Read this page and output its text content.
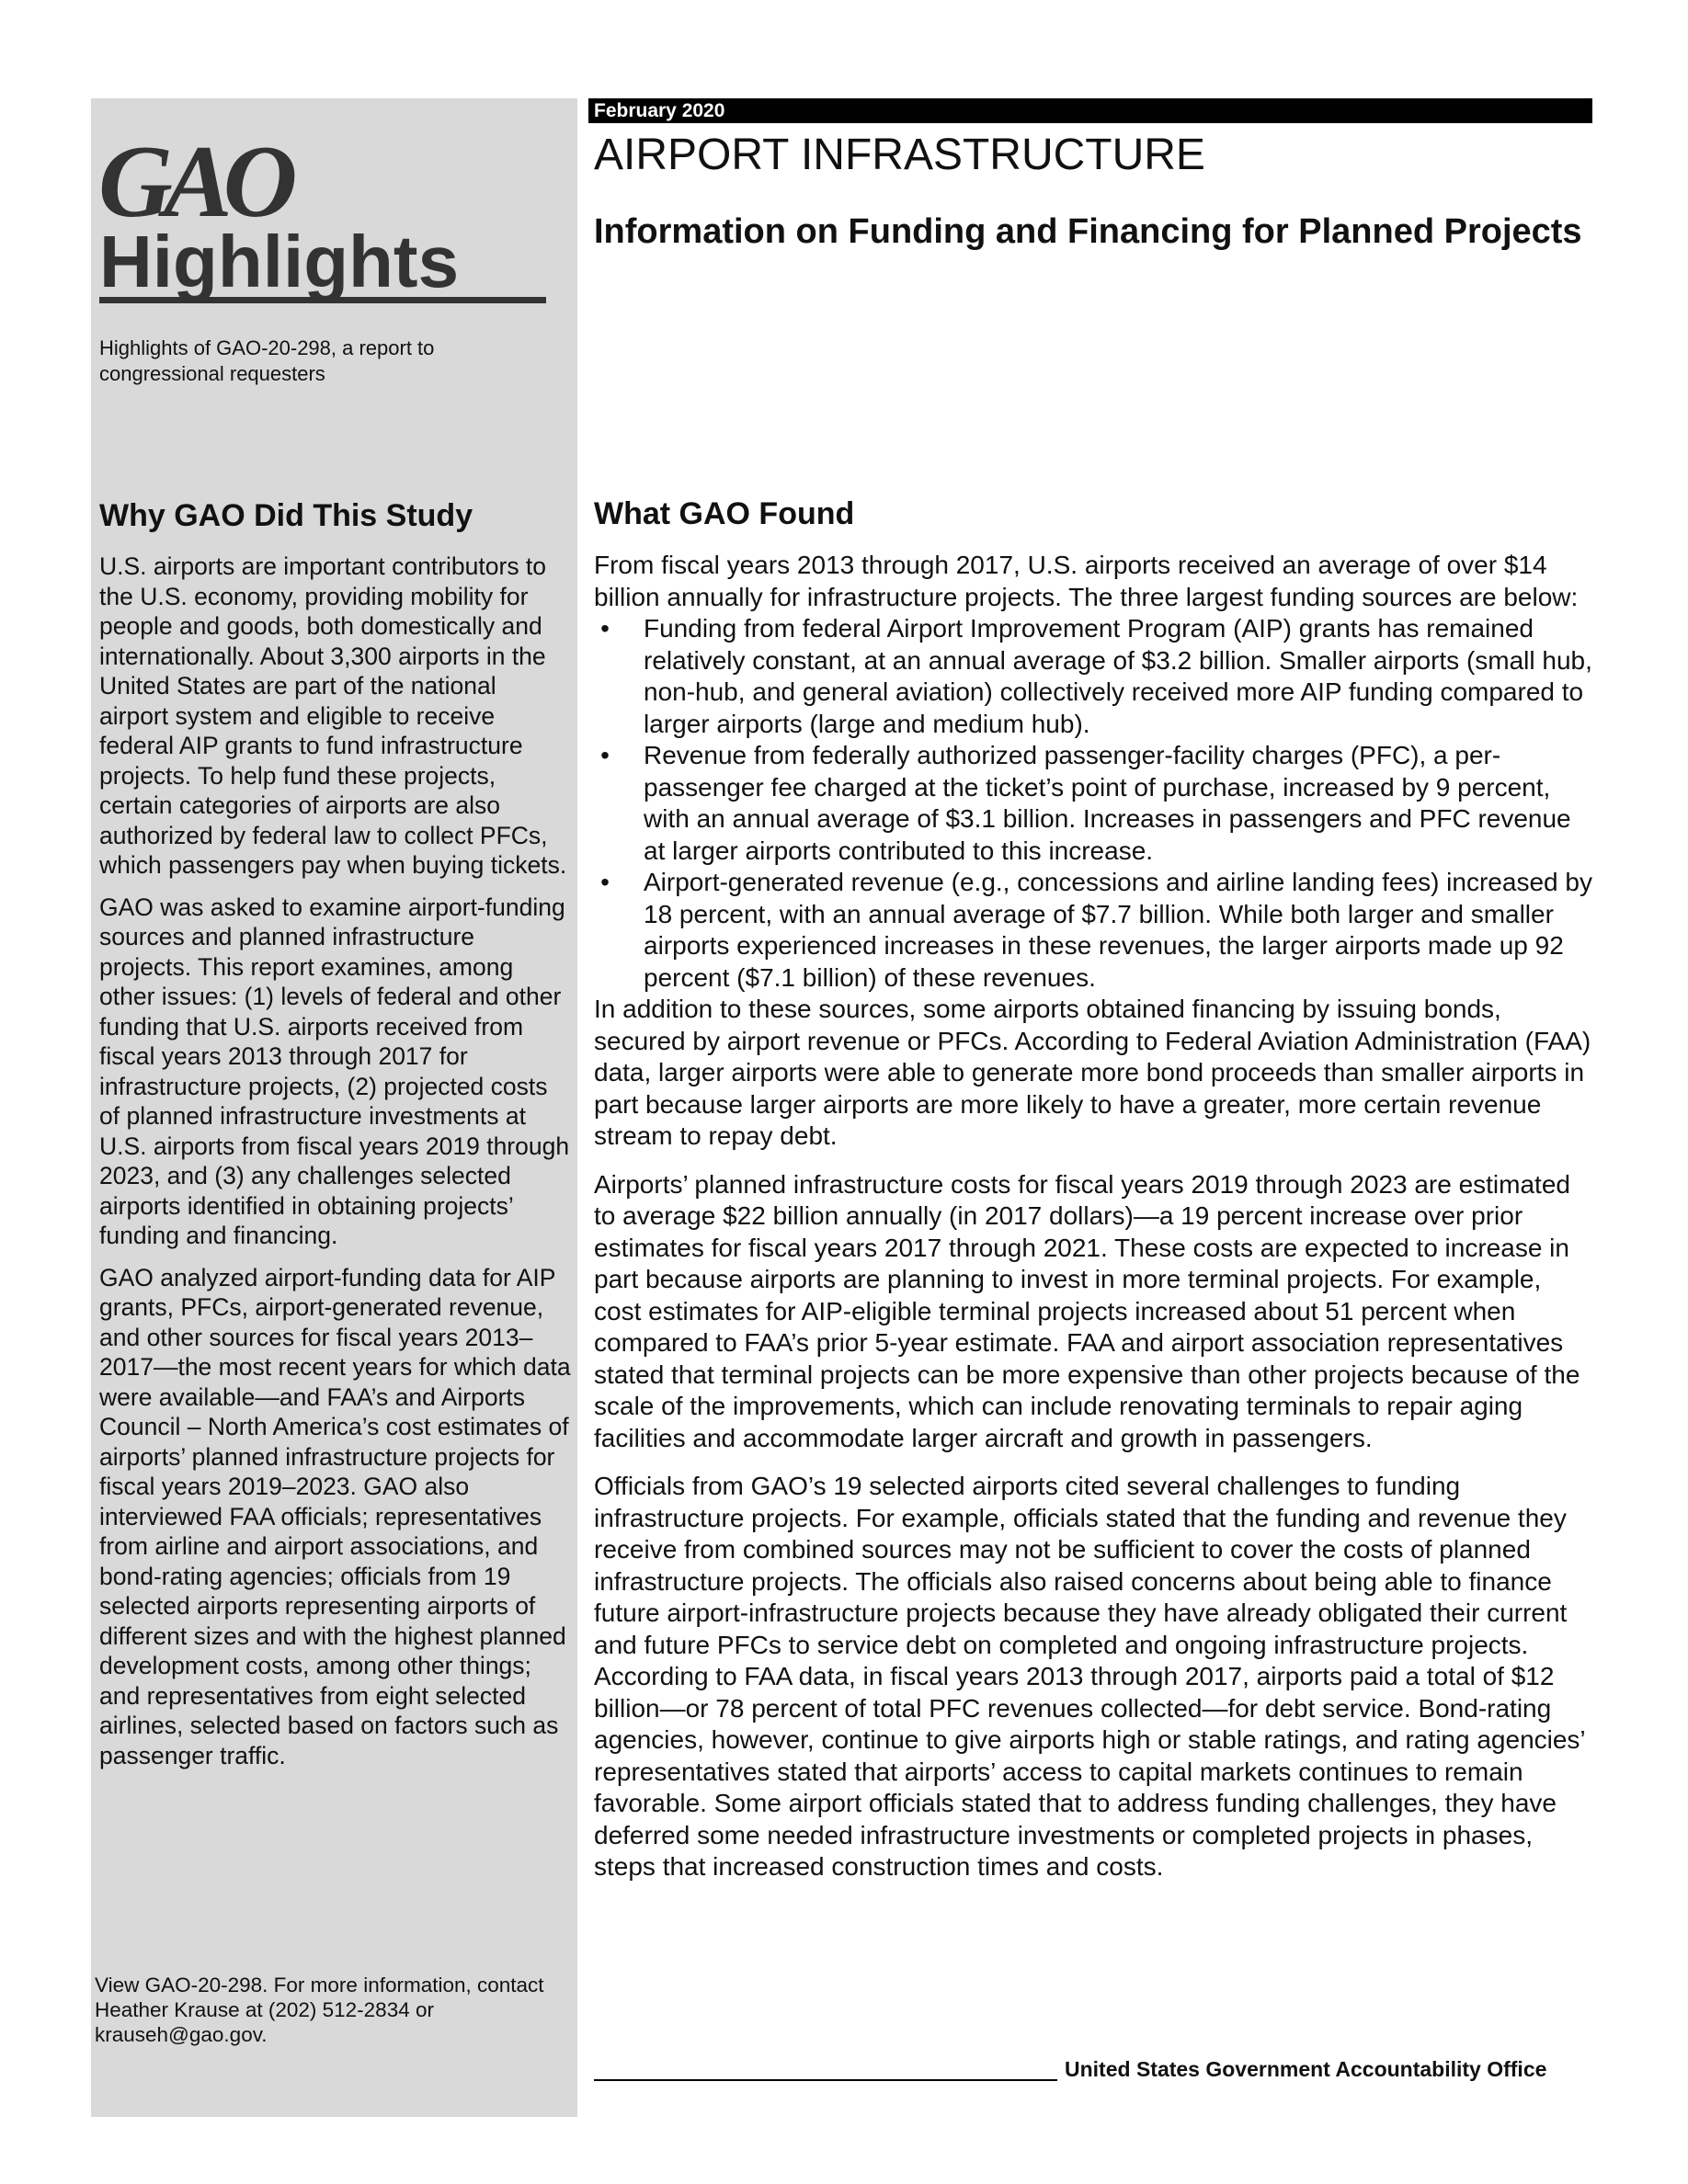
GAO
Highlights
Highlights of GAO-20-298, a report to congressional requesters
Why GAO Did This Study

U.S. airports are important contributors to the U.S. economy, providing mobility for people and goods, both domestically and internationally. About 3,300 airports in the United States are part of the national airport system and eligible to receive federal AIP grants to fund infrastructure projects. To help fund these projects, certain categories of airports are also authorized by federal law to collect PFCs, which passengers pay when buying tickets.

GAO was asked to examine airport-funding sources and planned infrastructure projects. This report examines, among other issues: (1) levels of federal and other funding that U.S. airports received from fiscal years 2013 through 2017 for infrastructure projects, (2) projected costs of planned infrastructure investments at U.S. airports from fiscal years 2019 through 2023, and (3) any challenges selected airports identified in obtaining projects’ funding and financing.

GAO analyzed airport-funding data for AIP grants, PFCs, airport-generated revenue, and other sources for fiscal years 2013–2017—the most recent years for which data were available—and FAA’s and Airports Council – North America’s cost estimates of airports’ planned infrastructure projects for fiscal years 2019–2023. GAO also interviewed FAA officials; representatives from airline and airport associations, and bond-rating agencies; officials from 19 selected airports representing airports of different sizes and with the highest planned development costs, among other things; and representatives from eight selected airlines, selected based on factors such as passenger traffic.

View GAO-20-298. For more information, contact Heather Krause at (202) 512-2834 or krauseh@gao.gov.
February 2020
AIRPORT INFRASTRUCTURE
Information on Funding and Financing for Planned Projects
What GAO Found

From fiscal years 2013 through 2017, U.S. airports received an average of over $14 billion annually for infrastructure projects. The three largest funding sources are below:

• Funding from federal Airport Improvement Program (AIP) grants has remained relatively constant, at an annual average of $3.2 billion. Smaller airports (small hub, non-hub, and general aviation) collectively received more AIP funding compared to larger airports (large and medium hub).
• Revenue from federally authorized passenger-facility charges (PFC), a per-passenger fee charged at the ticket’s point of purchase, increased by 9 percent, with an annual average of $3.1 billion. Increases in passengers and PFC revenue at larger airports contributed to this increase.
• Airport-generated revenue (e.g., concessions and airline landing fees) increased by 18 percent, with an annual average of $7.7 billion. While both larger and smaller airports experienced increases in these revenues, the larger airports made up 92 percent ($7.1 billion) of these revenues.

In addition to these sources, some airports obtained financing by issuing bonds, secured by airport revenue or PFCs. According to Federal Aviation Administration (FAA) data, larger airports were able to generate more bond proceeds than smaller airports in part because larger airports are more likely to have a greater, more certain revenue stream to repay debt.

Airports’ planned infrastructure costs for fiscal years 2019 through 2023 are estimated to average $22 billion annually (in 2017 dollars)—a 19 percent increase over prior estimates for fiscal years 2017 through 2021. These costs are expected to increase in part because airports are planning to invest in more terminal projects. For example, cost estimates for AIP-eligible terminal projects increased about 51 percent when compared to FAA’s prior 5-year estimate. FAA and airport association representatives stated that terminal projects can be more expensive than other projects because of the scale of the improvements, which can include renovating terminals to repair aging facilities and accommodate larger aircraft and growth in passengers.

Officials from GAO’s 19 selected airports cited several challenges to funding infrastructure projects. For example, officials stated that the funding and revenue they receive from combined sources may not be sufficient to cover the costs of planned infrastructure projects. The officials also raised concerns about being able to finance future airport-infrastructure projects because they have already obligated their current and future PFCs to service debt on completed and ongoing infrastructure projects. According to FAA data, in fiscal years 2013 through 2017, airports paid a total of $12 billion—or 78 percent of total PFC revenues collected—for debt service. Bond-rating agencies, however, continue to give airports high or stable ratings, and rating agencies’ representatives stated that airports’ access to capital markets continues to remain favorable. Some airport officials stated that to address funding challenges, they have deferred some needed infrastructure investments or completed projects in phases, steps that increased construction times and costs.

United States Government Accountability Office
